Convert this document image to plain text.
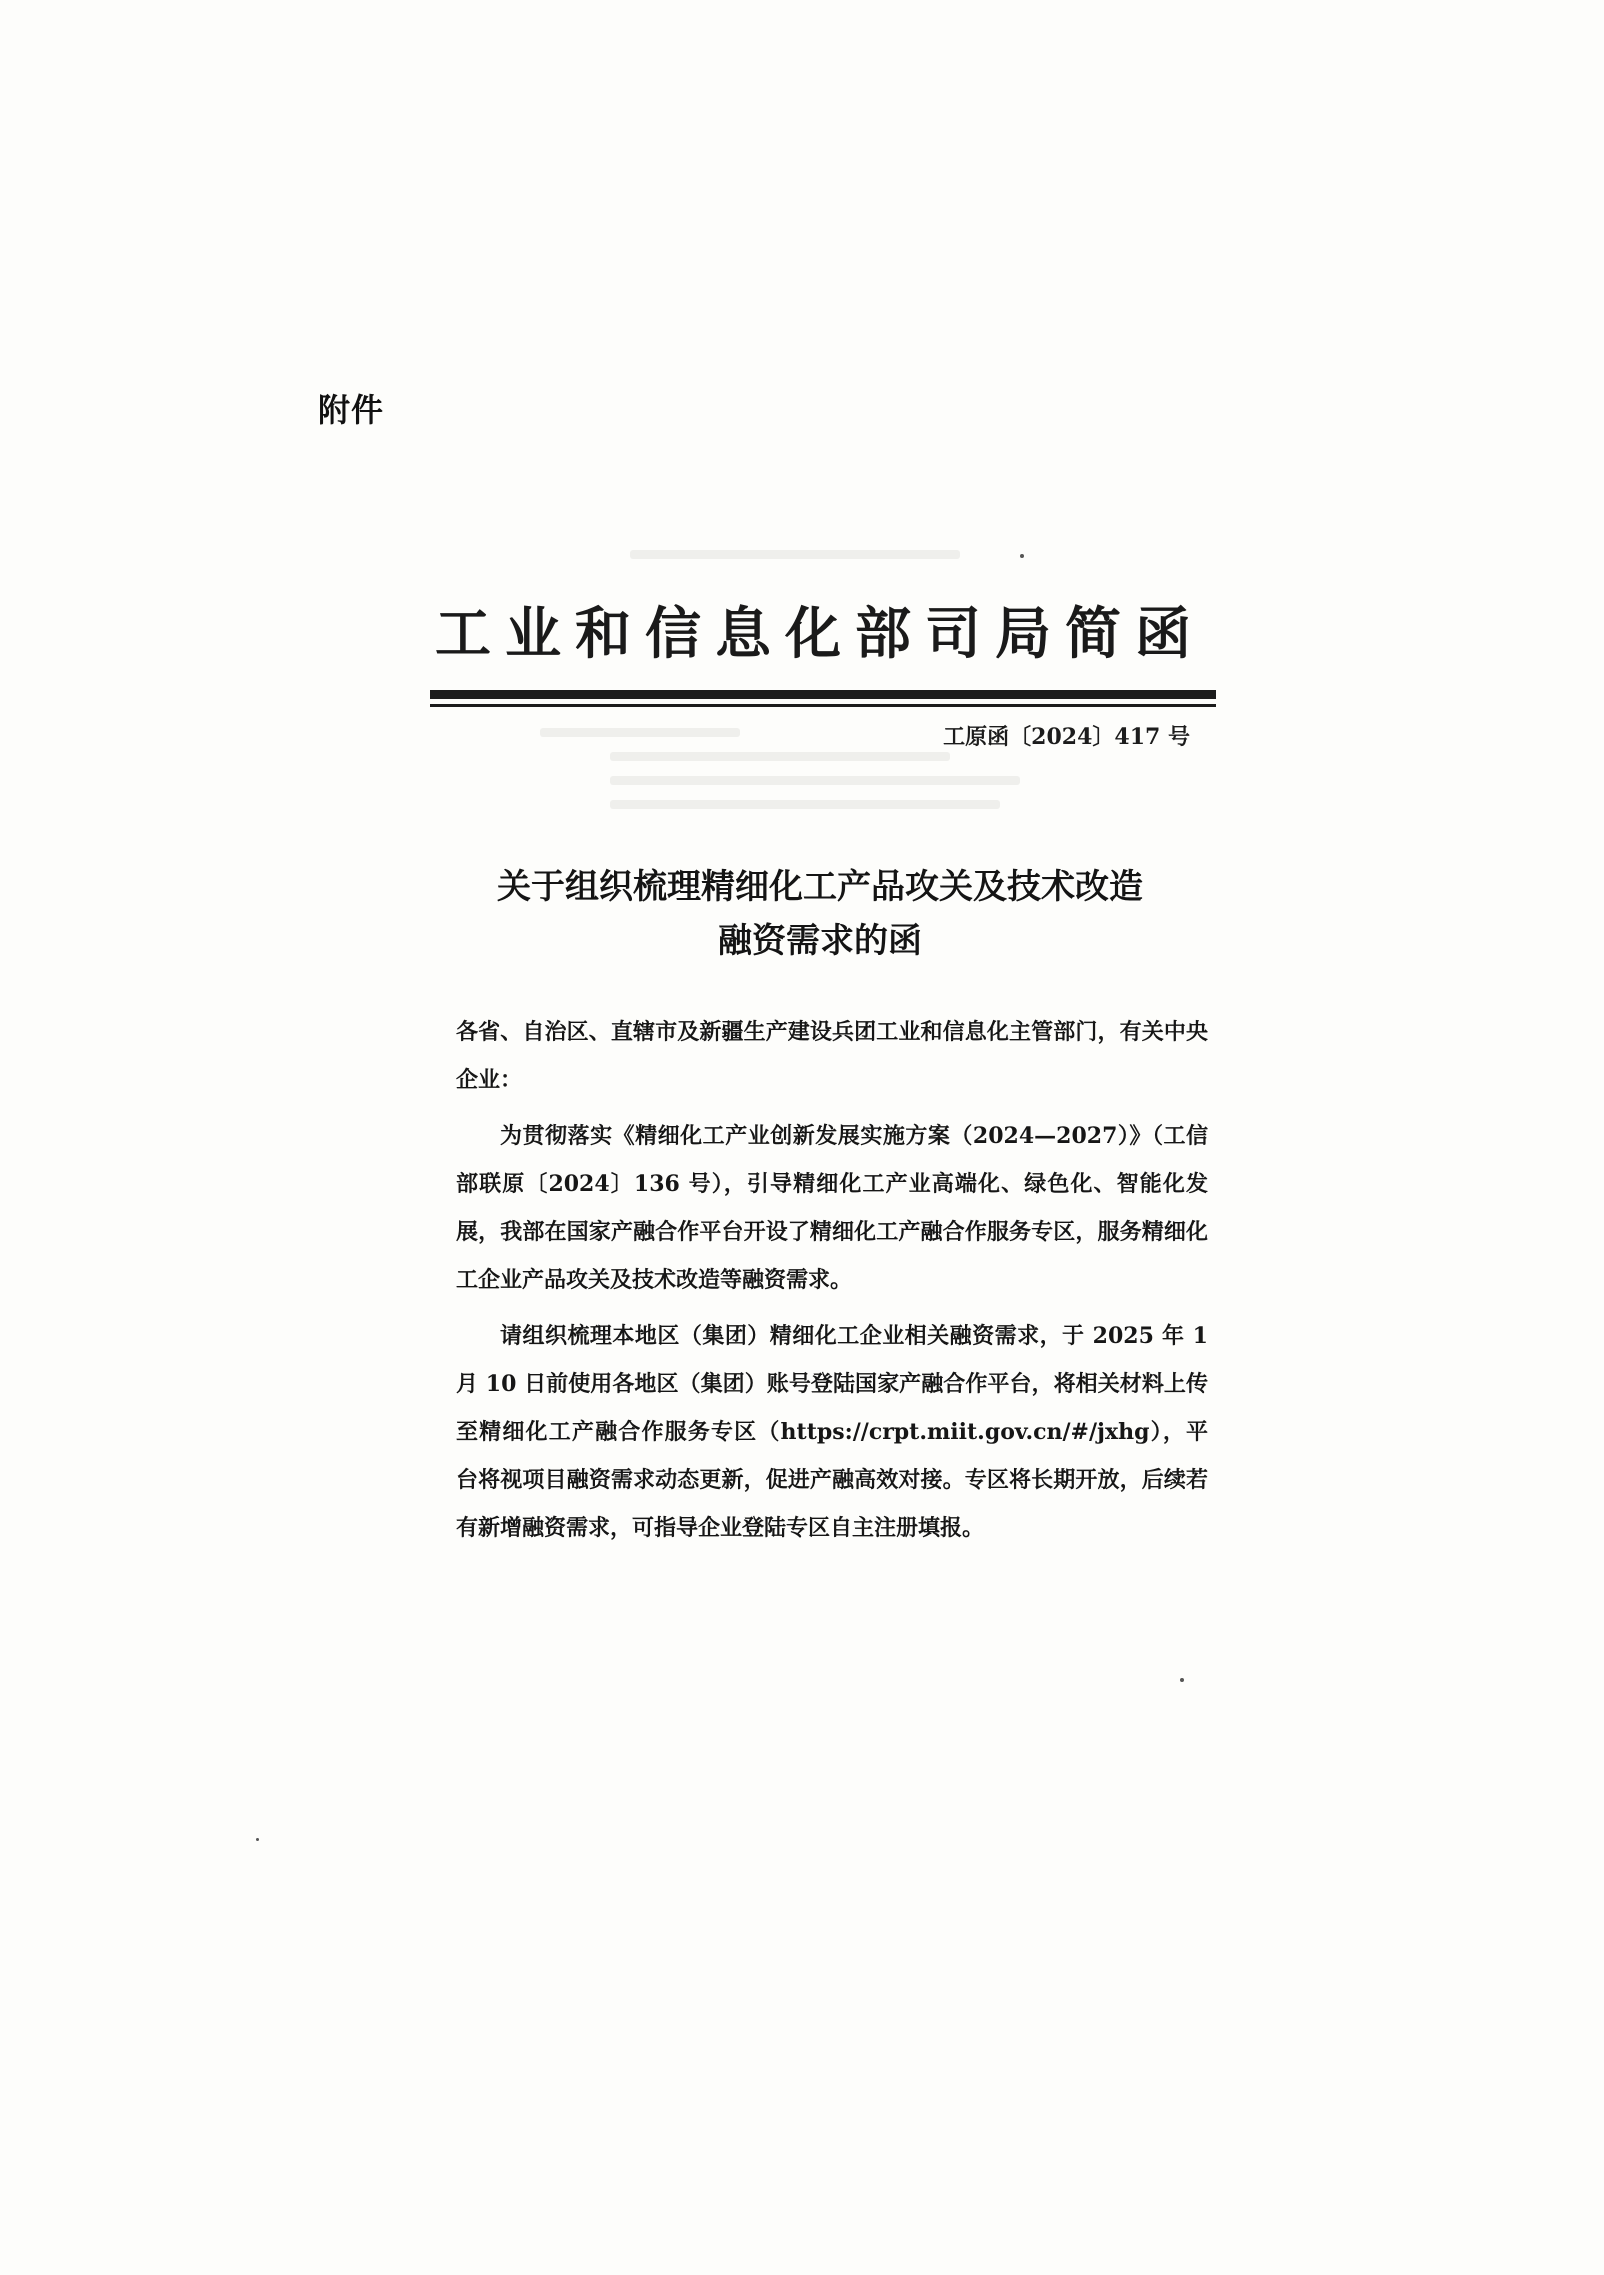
附件
工业和信息化部司局简函
工原函〔2024〕417 号
关于组织梳理精细化工产品攻关及技术改造
融资需求的函

各省、自治区、直辖市及新疆生产建设兵团工业和信息化主管部门，有关中央企业：

为贯彻落实《精细化工产业创新发展实施方案（2024—2027）》（工信部联原〔2024〕136 号），引导精细化工产业高端化、绿色化、智能化发展，我部在国家产融合作平台开设了精细化工产融合作服务专区，服务精细化工企业产品攻关及技术改造等融资需求。

请组织梳理本地区（集团）精细化工企业相关融资需求，于 2025 年 1 月 10 日前使用各地区（集团）账号登陆国家产融合作平台，将相关材料上传至精细化工产融合作服务专区（https://crpt.miit.gov.cn/#/jxhg），平台将视项目融资需求动态更新，促进产融高效对接。专区将长期开放，后续若有新增融资需求，可指导企业登陆专区自主注册填报。
